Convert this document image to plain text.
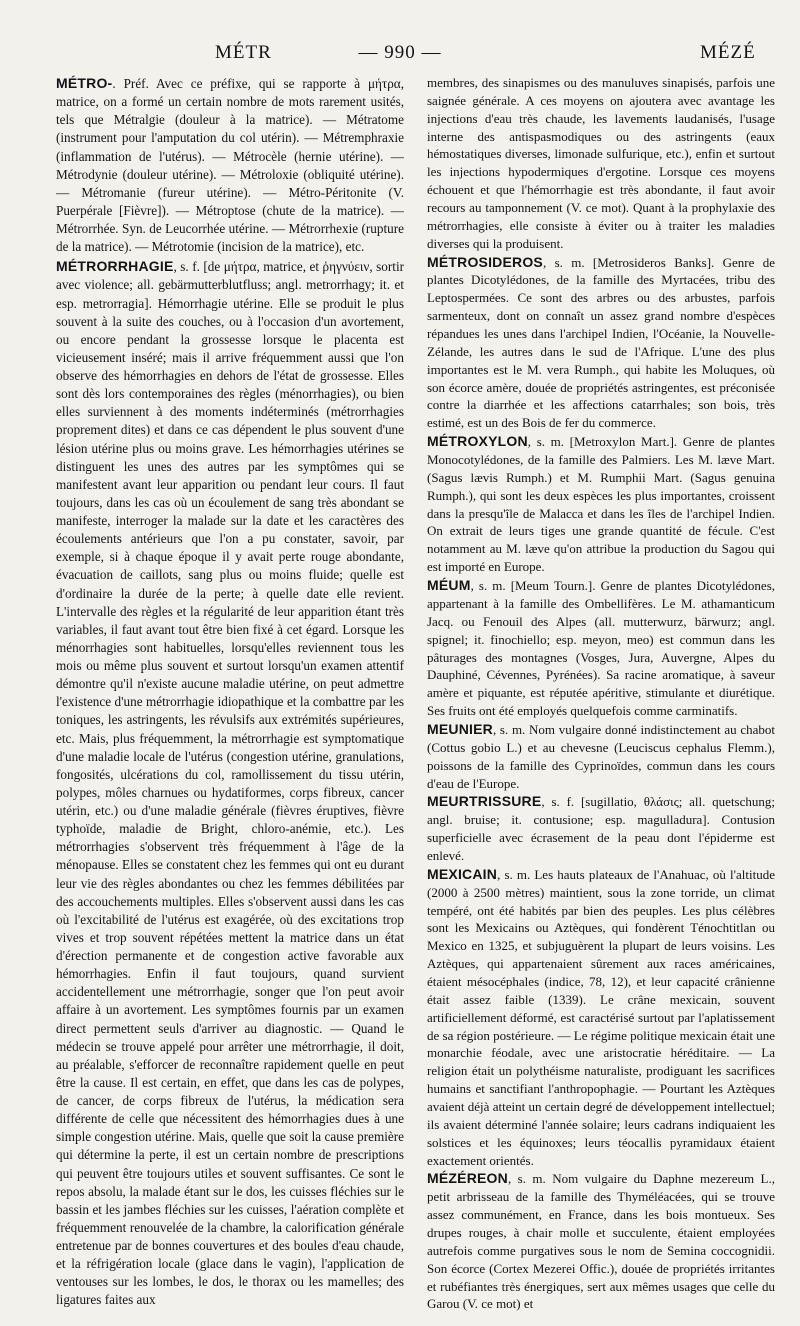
MÉTR	— 990 —	MÉZÉ

MÉTRO-. Préf. Avec ce préfixe, qui se rapporte à μήτρα, matrice, on a formé un certain nombre de mots rarement usités, tels que Métralgie (douleur à la matrice). — Métratome (instrument pour l'amputation du col utérin). — Métremphraxie (inflammation de l'utérus). — Métrocèle (hernie utérine). — Métrodynie (douleur utérine). — Métroloxie (obliquité utérine). — Métromanie (fureur utérine). — Métro-Péritonite (V. Puerpérale [Fièvre]). — Métroptose (chute de la matrice). — Métrorrhée. Syn. de Leucorrhée utérine. — Métrorrhexie (rupture de la matrice). — Métrotomie (incision de la matrice), etc.

MÉTRORRHAGIE, s. f. [de μήτρα, matrice, et ῥηγνύειν, sortir avec violence; all. gebärmutterblutfluss; angl. metrorrhagy; it. et esp. metrorragia]. Hémorrhagie utérine. Elle se produit le plus souvent à la suite des couches, ou à l'occasion d'un avortement, ou encore pendant la grossesse lorsque le placenta est vicieusement inséré; mais il arrive fréquemment aussi que l'on observe des hémorrhagies en dehors de l'état de grossesse. Elles sont dès lors contemporaines des règles (ménorrhagies), ou bien elles surviennent à des moments indéterminés (métrorrhagies proprement dites) et dans ce cas dépendent le plus souvent d'une lésion utérine plus ou moins grave. Les hémorrhagies utérines se distinguent les unes des autres par les symptômes qui se manifestent avant leur apparition ou pendant leur cours. Il faut toujours, dans les cas où un écoulement de sang très abondant se manifeste, interroger la malade sur la date et les caractères des écoulements antérieurs que l'on a pu constater, savoir, par exemple, si à chaque époque il y avait perte rouge abondante, évacuation de caillots, sang plus ou moins fluide; quelle est d'ordinaire la durée de la perte; à quelle date elle revient. L'intervalle des règles et la régularité de leur apparition étant très variables, il faut avant tout être bien fixé à cet égard. Lorsque les ménorrhagies sont habituelles, lorsqu'elles reviennent tous les mois ou même plus souvent et surtout lorsqu'un examen attentif démontre qu'il n'existe aucune maladie utérine, on peut admettre l'existence d'une métrorrhagie idiopathique et la combattre par les toniques, les astringents, les révulsifs aux extrémités supérieures, etc. Mais, plus fréquemment, la métrorrhagie est symptomatique d'une maladie locale de l'utérus (congestion utérine, granulations, fongosités, ulcérations du col, ramollissement du tissu utérin, polypes, môles charnues ou hydatiformes, corps fibreux, cancer utérin, etc.) ou d'une maladie générale (fièvres éruptives, fièvre typhoïde, maladie de Bright, chloro-anémie, etc.). Les métrorrhagies s'observent très fréquemment à l'âge de la ménopause. Elles se constatent chez les femmes qui ont eu durant leur vie des règles abondantes ou chez les femmes débilitées par des accouchements multiples. Elles s'observent aussi dans les cas où l'excitabilité de l'utérus est exagérée, où des excitations trop vives et trop souvent répétées mettent la matrice dans un état d'érection permanente et de congestion active favorable aux hémorrhagies. Enfin il faut toujours, quand survient accidentellement une métrorrhagie, songer que l'on peut avoir affaire à un avortement. Les symptômes fournis par un examen direct permettent seuls d'arriver au diagnostic. — Quand le médecin se trouve appelé pour arrêter une métrorrhagie, il doit, au préalable, s'efforcer de reconnaître rapidement quelle en peut être la cause. Il est certain, en effet, que dans les cas de polypes, de cancer, de corps fibreux de l'utérus, la médication sera différente de celle que nécessitent des hémorrhagies dues à une simple congestion utérine. Mais, quelle que soit la cause première qui détermine la perte, il est un certain nombre de prescriptions qui peuvent être toujours utiles et souvent suffisantes. Ce sont le repos absolu, la malade étant sur le dos, les cuisses fléchies sur le bassin et les jambes fléchies sur les cuisses, l'aération complète et fréquemment renouvelée de la chambre, la calorification générale entretenue par de bonnes couvertures et des boules d'eau chaude, et la réfrigération locale (glace dans le vagin), l'application de ventouses sur les lombes, le dos, le thorax ou les mamelles; des ligatures faites aux

membres, des sinapismes ou des manuluves sinapisés, parfois une saignée générale. A ces moyens on ajoutera avec avantage les injections d'eau très chaude, les lavements laudanisés, l'usage interne des antispasmodiques ou des astringents (eaux hémostatiques diverses, limonade sulfurique, etc.), enfin et surtout les injections hypodermiques d'ergotine. Lorsque ces moyens échouent et que l'hémorrhagie est très abondante, il faut avoir recours au tamponnement (V. ce mot). Quant à la prophylaxie des métrorrhagies, elle consiste à éviter ou à traiter les maladies diverses qui la produisent.

MÉTROSIDEROS, s. m. [Metrosideros Banks]. Genre de plantes Dicotylédones, de la famille des Myrtacées, tribu des Leptospermées. Ce sont des arbres ou des arbustes, parfois sarmenteux, dont on connaît un assez grand nombre d'espèces répandues les unes dans l'archipel Indien, l'Océanie, la Nouvelle-Zélande, les autres dans le sud de l'Afrique. L'une des plus importantes est le M. vera Rumph., qui habite les Moluques, où son écorce amère, douée de propriétés astringentes, est préconisée contre la diarrhée et les affections catarrhales; son bois, très estimé, est un des Bois de fer du commerce.

MÉTROXYLON, s. m. [Metroxylon Mart.]. Genre de plantes Monocotylédones, de la famille des Palmiers. Les M. læve Mart. (Sagus lævis Rumph.) et M. Rumphii Mart. (Sagus genuina Rumph.), qui sont les deux espèces les plus importantes, croissent dans la presqu'île de Malacca et dans les îles de l'archipel Indien. On extrait de leurs tiges une grande quantité de fécule. C'est notamment au M. læve qu'on attribue la production du Sagou qui est importé en Europe.

MÉUM, s. m. [Meum Tourn.]. Genre de plantes Dicotylédones, appartenant à la famille des Ombellifères. Le M. athamanticum Jacq. ou Fenouil des Alpes (all. mutterwurz, bärwurz; angl. spignel; it. finochiello; esp. meyon, meo) est commun dans les pâturages des montagnes (Vosges, Jura, Auvergne, Alpes du Dauphiné, Cévennes, Pyrénées). Sa racine aromatique, à saveur amère et piquante, est réputée apéritive, stimulante et diurétique. Ses fruits ont été employés quelquefois comme carminatifs.

MEUNIER, s. m. Nom vulgaire donné indistinctement au chabot (Cottus gobio L.) et au chevesne (Leuciscus cephalus Flemm.), poissons de la famille des Cyprinoïdes, commun dans les cours d'eau de l'Europe.

MEURTRISSURE, s. f. [sugillatio, θλάσις; all. quetschung; angl. bruise; it. contusione; esp. magulladura]. Contusion superficielle avec écrasement de la peau dont l'épiderme est enlevé.

MEXICAIN, s. m. Les hauts plateaux de l'Anahuac, où l'altitude (2000 à 2500 mètres) maintient, sous la zone torride, un climat tempéré, ont été habités par bien des peuples. Les plus célèbres sont les Mexicains ou Aztèques, qui fondèrent Ténochtitlan ou Mexico en 1325, et subjuguèrent la plupart de leurs voisins. Les Aztèques, qui appartenaient sûrement aux races américaines, étaient mésocéphales (indice, 78, 12), et leur capacité crânienne était assez faible (1339). Le crâne mexicain, souvent artificiellement déformé, est caractérisé surtout par l'aplatissement de sa région postérieure. — Le régime politique mexicain était une monarchie féodale, avec une aristocratie héréditaire. — La religion était un polythéisme naturaliste, prodiguant les sacrifices humains et sanctifiant l'anthropophagie. — Pourtant les Aztèques avaient déjà atteint un certain degré de développement intellectuel; ils avaient déterminé l'année solaire; leurs cadrans indiquaient les solstices et les équinoxes; leurs téocallis pyramidaux étaient exactement orientés.

MÉZÉREON, s. m. Nom vulgaire du Daphne mezereum L., petit arbrisseau de la famille des Thyméléacées, qui se trouve assez communément, en France, dans les bois montueux. Ses drupes rouges, à chair molle et succulente, étaient employées autrefois comme purgatives sous le nom de Semina coccognidii. Son écorce (Cortex Mezerei Offic.), douée de propriétés irritantes et rubéfiantes très énergiques, sert aux mêmes usages que celle du Garou (V. ce mot) et
